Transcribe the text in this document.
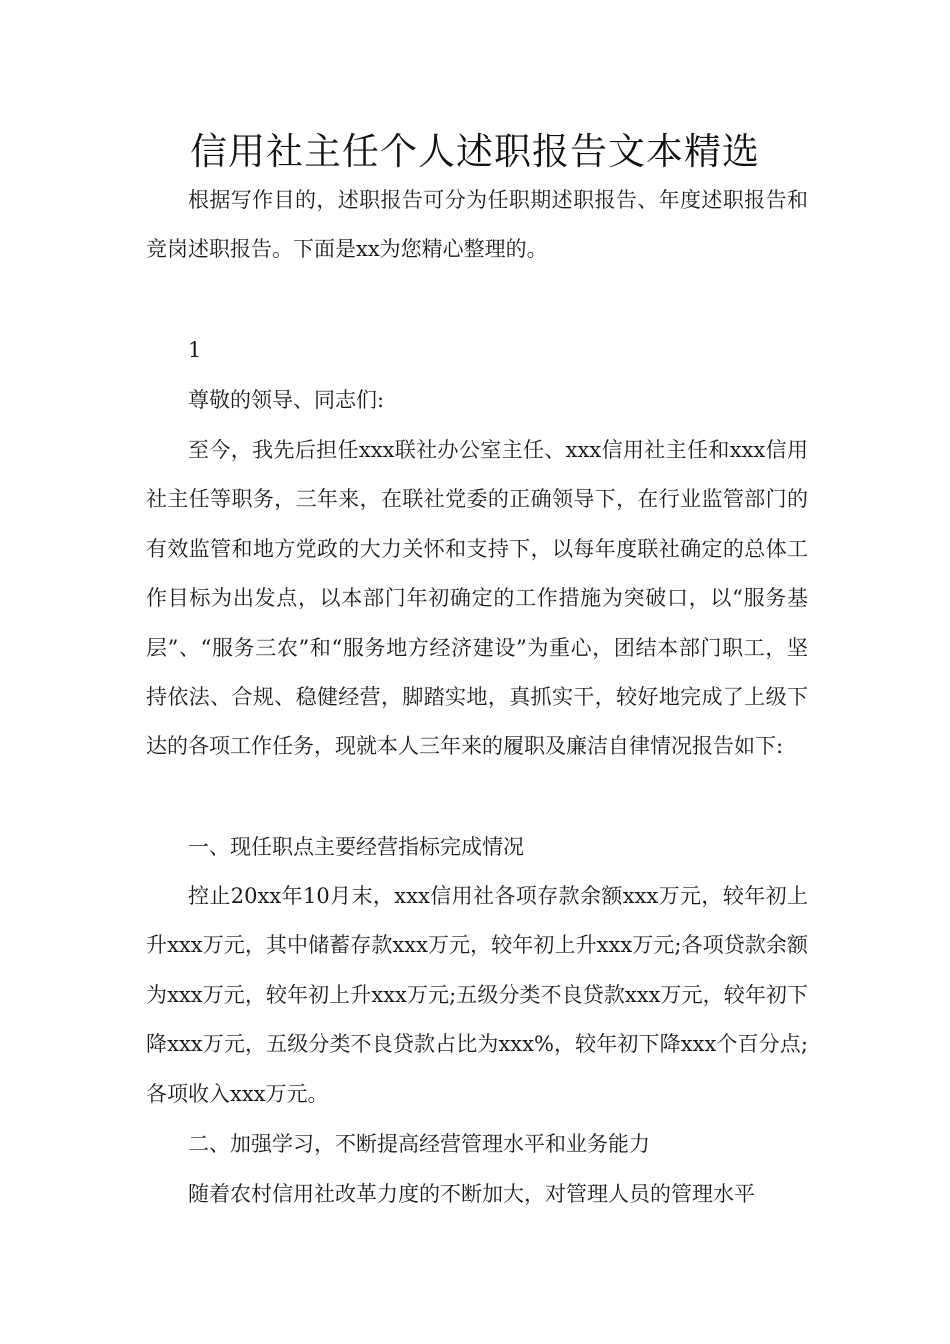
信用社主任个人述职报告文本精选
根据写作目的，述职报告可分为任职期述职报告、年度述职报告和竞岗述职报告。下面是xx为您精心整理的。
1
尊敬的领导、同志们:
至今，我先后担任xxx联社办公室主任、xxx信用社主任和xxx信用社主任等职务，三年来，在联社党委的正确领导下，在行业监管部门的有效监管和地方党政的大力关怀和支持下，以每年度联社确定的总体工作目标为出发点，以本部门年初确定的工作措施为突破口，以“服务基层”、“服务三农”和“服务地方经济建设”为重心，团结本部门职工，坚持依法、合规、稳健经营，脚踏实地，真抓实干，较好地完成了上级下达的各项工作任务，现就本人三年来的履职及廉洁自律情况报告如下:
一、现任职点主要经营指标完成情况
控止20xx年10月末，xxx信用社各项存款余额xxx万元，较年初上升xxx万元，其中储蓄存款xxx万元，较年初上升xxx万元;各项贷款余额为xxx万元，较年初上升xxx万元;五级分类不良贷款xxx万元，较年初下降xxx万元，五级分类不良贷款占比为xxx%，较年初下降xxx个百分点;各项收入xxx万元。
二、加强学习，不断提高经营管理水平和业务能力
随着农村信用社改革力度的不断加大，对管理人员的管理水平
